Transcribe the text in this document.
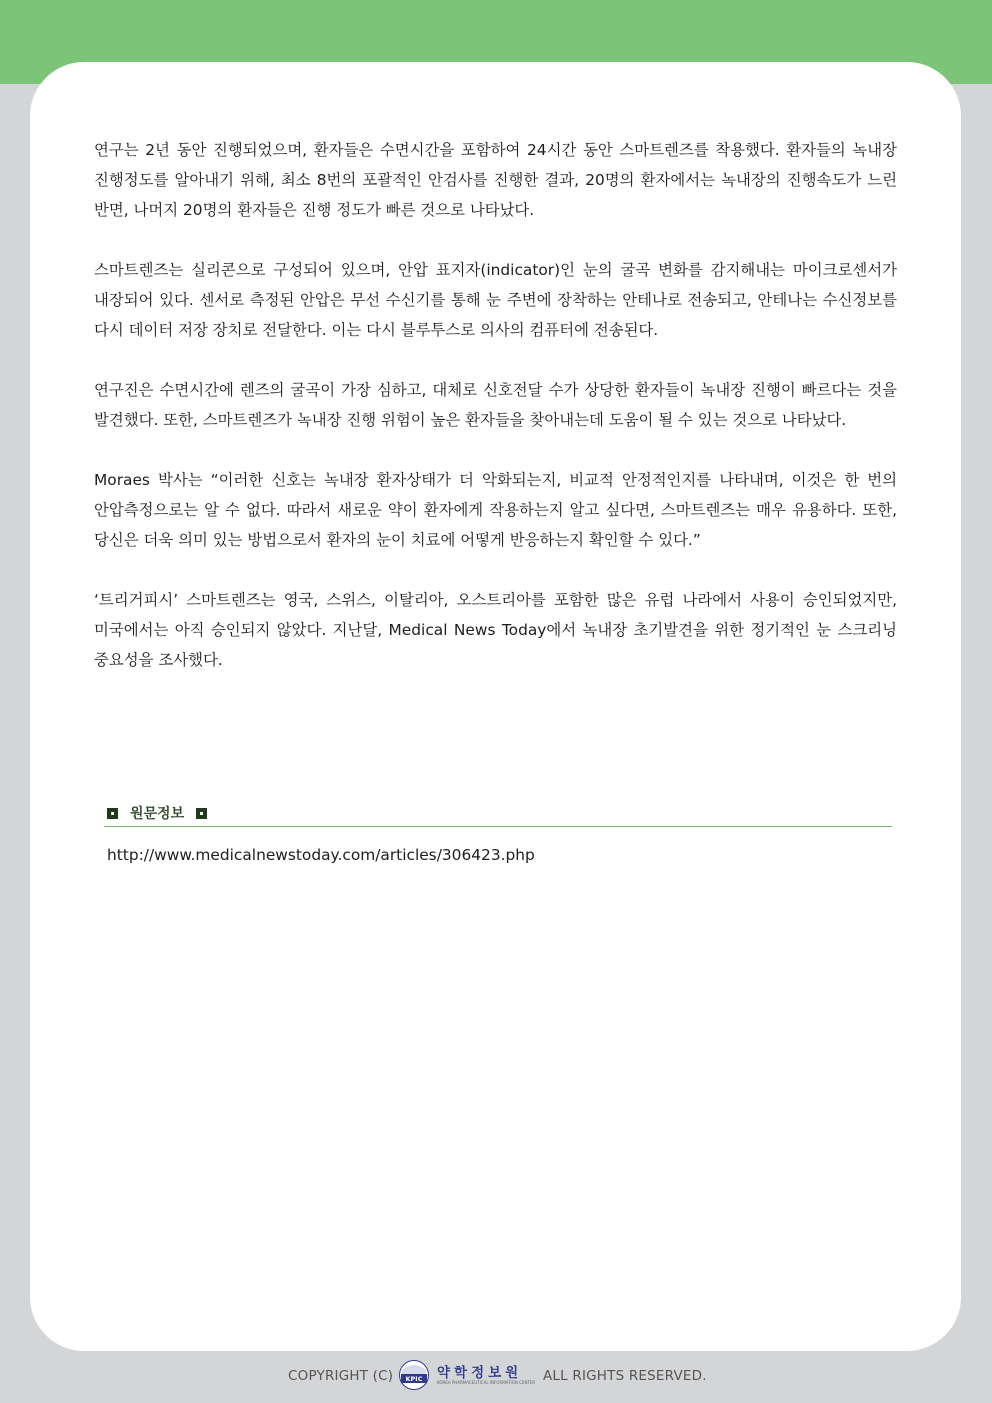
연구는 2년 동안 진행되었으며, 환자들은 수면시간을 포함하여 24시간 동안 스마트렌즈를 착용했다. 환자들의 녹내장 진행정도를 알아내기 위해, 최소 8번의 포괄적인 안검사를 진행한 결과, 20명의 환자에서는 녹내장의 진행속도가 느린 반면, 나머지 20명의 환자들은 진행 정도가 빠른 것으로 나타났다.

스마트렌즈는 실리콘으로 구성되어 있으며, 안압 표지자(indicator)인 눈의 굴곡 변화를 감지해내는 마이크로센서가 내장되어 있다. 센서로 측정된 안압은 무선 수신기를 통해 눈 주변에 장착하는 안테나로 전송되고, 안테나는 수신정보를 다시 데이터 저장 장치로 전달한다. 이는 다시 블루투스로 의사의 컴퓨터에 전송된다.

연구진은 수면시간에 렌즈의 굴곡이 가장 심하고, 대체로 신호전달 수가 상당한 환자들이 녹내장 진행이 빠르다는 것을 발견했다. 또한, 스마트렌즈가 녹내장 진행 위험이 높은 환자들을 찾아내는데 도움이 될 수 있는 것으로 나타났다.

Moraes 박사는 “이러한 신호는 녹내장 환자상태가 더 악화되는지, 비교적 안정적인지를 나타내며, 이것은 한 번의 안압측정으로는 알 수 없다. 따라서 새로운 약이 환자에게 작용하는지 알고 싶다면, 스마트렌즈는 매우 유용하다. 또한, 당신은 더욱 의미 있는 방법으로서 환자의 눈이 치료에 어떻게 반응하는지 확인할 수 있다.”

‘트리거피시’ 스마트렌즈는 영국, 스위스, 이탈리아, 오스트리아를 포함한 많은 유럽 나라에서 사용이 승인되었지만, 미국에서는 아직 승인되지 않았다. 지난달, Medical News Today에서 녹내장 초기발견을 위한 정기적인 눈 스크리닝 중요성을 조사했다.

원문정보
http://www.medicalnewstoday.com/articles/306423.php
COPYRIGHT (C) KPIC 약학정보원
KOREA PHARMACEUTICAL INFORMATION CENTER ALL RIGHTS RESERVED.
